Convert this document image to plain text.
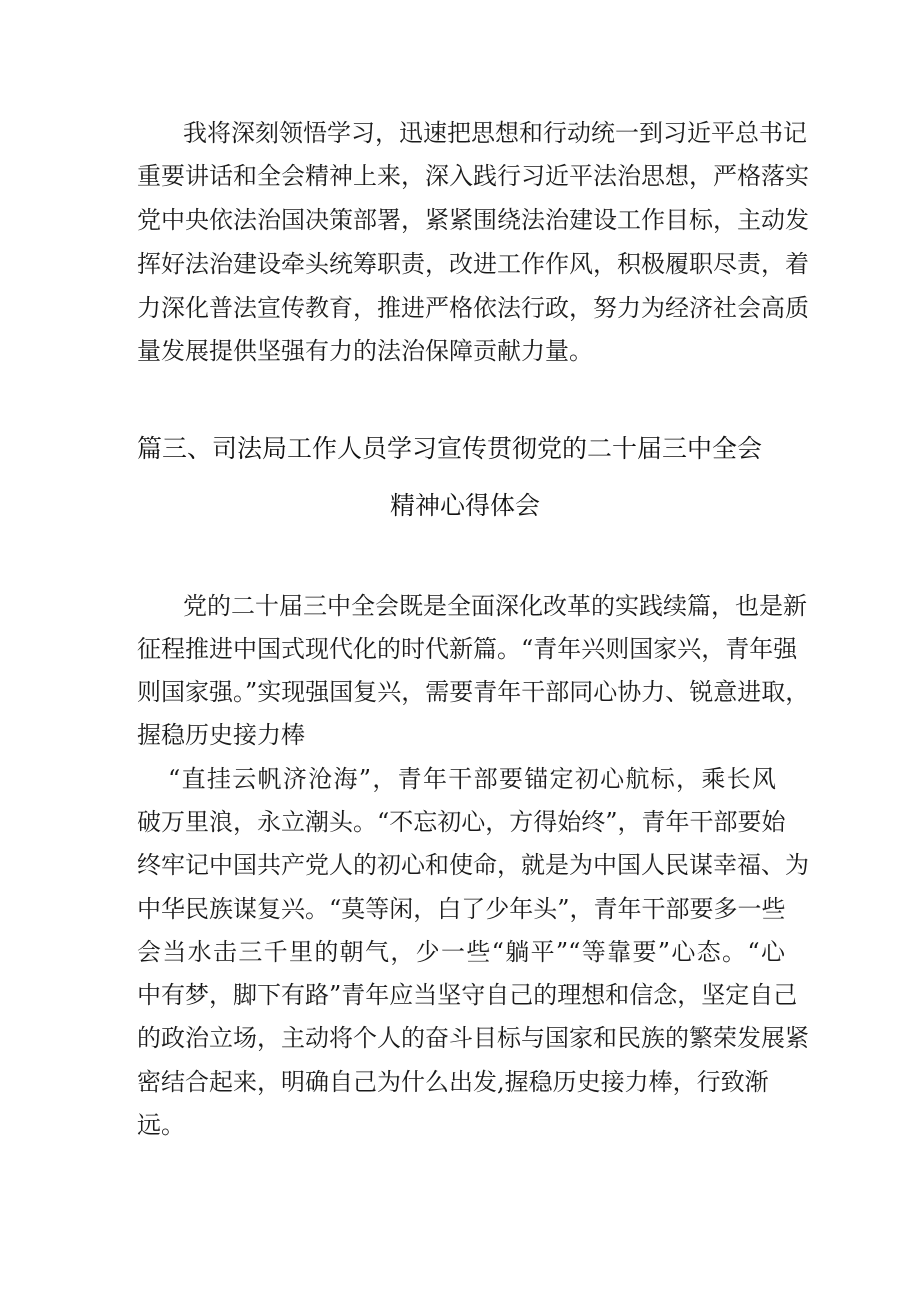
我将深刻领悟学习，迅速把思想和行动统一到习近平总书记
重要讲话和全会精神上来，深入践行习近平法治思想，严格落实
党中央依法治国决策部署，紧紧围绕法治建设工作目标，主动发
挥好法治建设牵头统筹职责，改进工作作风，积极履职尽责，着
力深化普法宣传教育，推进严格依法行政，努力为经济社会高质
量发展提供坚强有力的法治保障贡献力量。
篇三、司法局工作人员学习宣传贯彻党的二十届三中全会
精神心得体会
党的二十届三中全会既是全面深化改革的实践续篇，也是新
征程推进中国式现代化的时代新篇。“青年兴则国家兴，青年强
则国家强。”实现强国复兴，需要青年干部同心协力、锐意进取，
握稳历史接力棒
“直挂云帆济沧海”，青年干部要锚定初心航标，乘长风
破万里浪，永立潮头。“不忘初心，方得始终”，青年干部要始
终牢记中国共产党人的初心和使命，就是为中国人民谋幸福、为
中华民族谋复兴。“莫等闲，白了少年头”，青年干部要多一些
会当水击三千里的朝气，少一些“躺平”“等靠要”心态。“心
中有梦，脚下有路”青年应当坚守自己的理想和信念，坚定自己
的政治立场，主动将个人的奋斗目标与国家和民族的繁荣发展紧
密结合起来，明确自己为什么出发,握稳历史接力棒，行致渐
远。
